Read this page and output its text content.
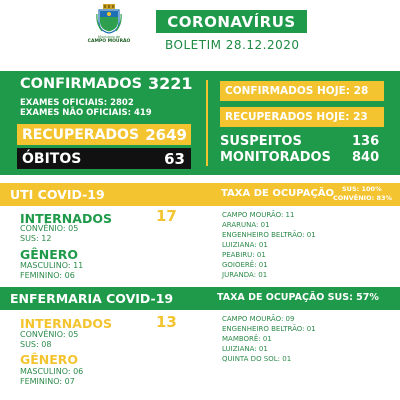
Município de
CAMPO MOURÃO
CORONAVÍRUS
BOLETIM 28.12.2020
CONFIRMADOS 3221
EXAMES OFICIAIS: 2802
EXAMES NÃO OFICIAIS: 419
RECUPERADOS 2649
ÓBITOS	63
CONFIRMADOS HOJE: 28
RECUPERADOS HOJE: 23
SUSPEITOS	136
MONITORADOS 840
UTI COVID-19	TAXA DE OCUPAÇÃO SUS: 100%
CONVÊNIO: 83%
INTERNADOS	17
CONVÊNIO: 05
SUS: 12
GÊNERO
MASCULINO: 11
FEMININO: 06
CAMPO MOURÃO: 11
ARARUNA: 01
ENGENHEIRO BELTRÃO: 01
LUIZIANA: 01
PEABIRU: 01
GOIOERÊ: 01
JURANDA: 01
ENFERMARIA COVID-19	TAXA DE OCUPAÇÃO SUS: 57%
INTERNADOS	13
CONVÊNIO: 05
SUS: 08
GÊNERO
MASCULINO: 06
FEMININO: 07
CAMPO MOURÃO: 09
ENGENHEIRO BELTRÃO: 01
MAMBORÊ: 01
LUIZIANA: 01
QUINTA DO SOL: 01
